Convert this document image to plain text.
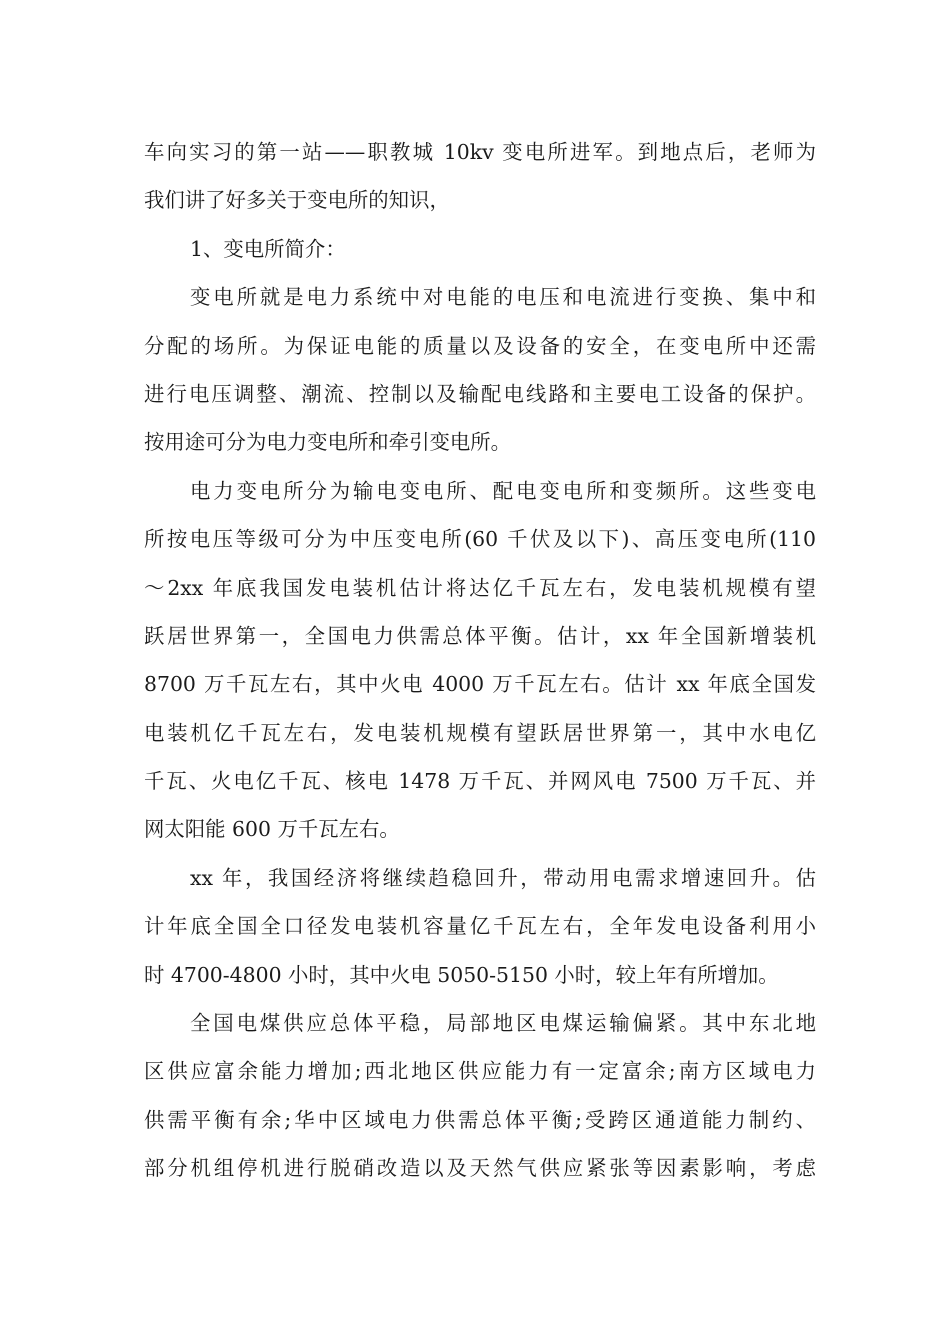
车向实习的第一站——职教城 10kv 变电所进军。到地点后，老师为
我们讲了好多关于变电所的知识，
1、变电所简介：
变电所就是电力系统中对电能的电压和电流进行变换、集中和
分配的场所。为保证电能的质量以及设备的安全，在变电所中还需
进行电压调整、潮流、控制以及输配电线路和主要电工设备的保护。
按用途可分为电力变电所和牵引变电所。
电力变电所分为输电变电所、配电变电所和变频所。这些变电
所按电压等级可分为中压变电所(60 千伏及以下)、高压变电所(110
～2xx 年底我国发电装机估计将达亿千瓦左右，发电装机规模有望
跃居世界第一，全国电力供需总体平衡。估计，xx 年全国新增装机
8700 万千瓦左右，其中火电 4000 万千瓦左右。估计 xx 年底全国发
电装机亿千瓦左右，发电装机规模有望跃居世界第一，其中水电亿
千瓦、火电亿千瓦、核电 1478 万千瓦、并网风电 7500 万千瓦、并
网太阳能 600 万千瓦左右。
xx 年，我国经济将继续趋稳回升，带动用电需求增速回升。估
计年底全国全口径发电装机容量亿千瓦左右，全年发电设备利用小
时 4700-4800 小时，其中火电 5050-5150 小时，较上年有所增加。
全国电煤供应总体平稳，局部地区电煤运输偏紧。其中东北地
区供应富余能力增加;西北地区供应能力有一定富余;南方区域电力
供需平衡有余;华中区域电力供需总体平衡;受跨区通道能力制约、
部分机组停机进行脱硝改造以及天然气供应紧张等因素影响，考虑
